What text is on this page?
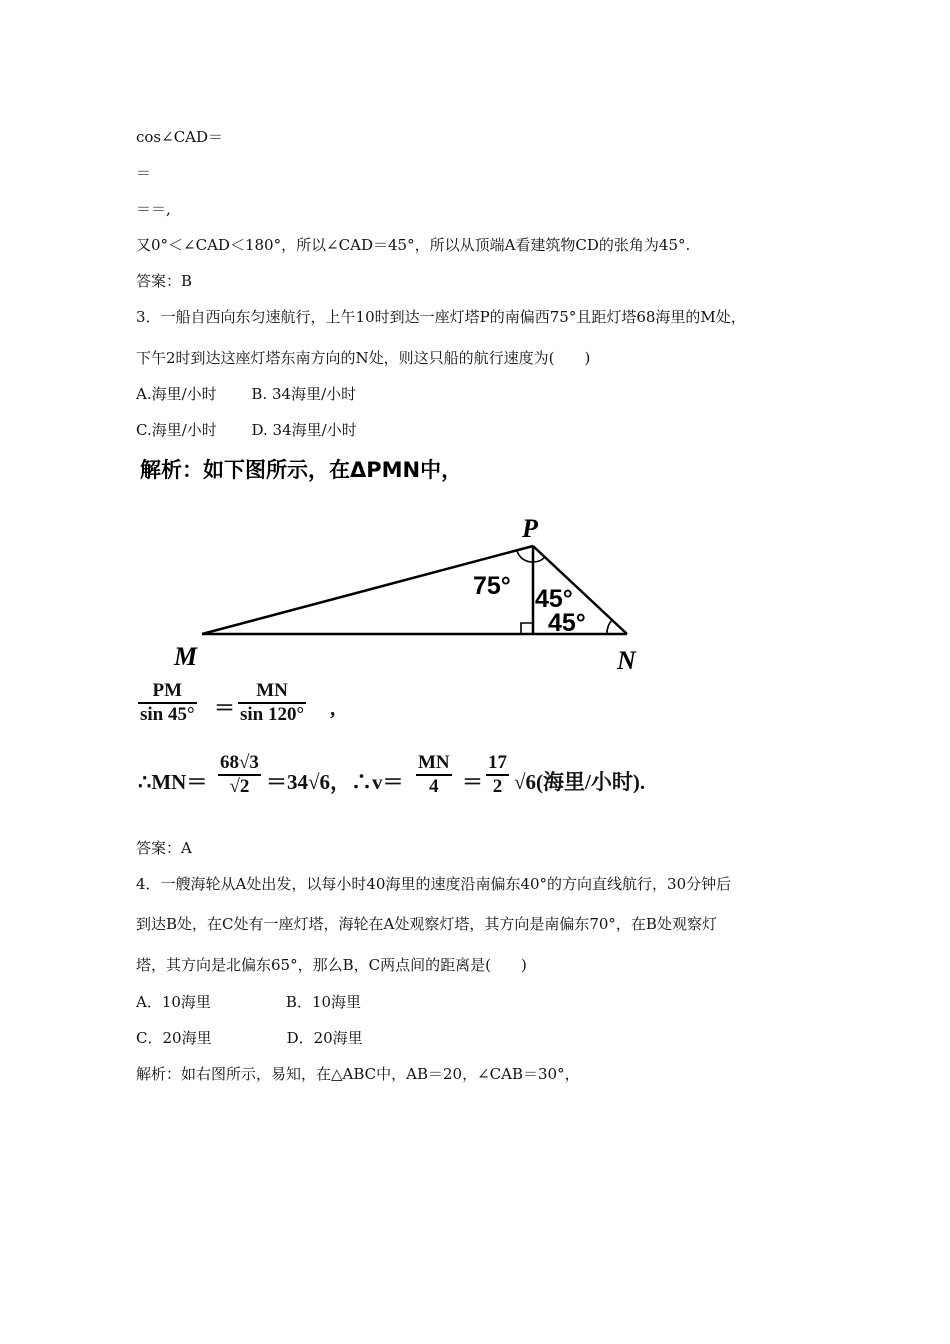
cos∠CAD＝
＝
＝＝,
又0°＜∠CAD＜180°，所以∠CAD＝45°，所以从顶端A看建筑物CD的张角为45°.
答案：B
3．一船自西向东匀速航行，上午10时到达一座灯塔P的南偏西75°且距灯塔68海里的M处，
下午2时到达这座灯塔东南方向的N处，则这只船的航行速度为(　　)
A.海里/小时　　 B. 34海里/小时
C.海里/小时　　 D. 34海里/小时
解析：如下图所示，在ΔPMN中，
P
M	N
75° 45°
45°
PM
sin 45° ＝
MN
sin 120° ,
∴MN＝
68√3
√2 ＝34√6，∴v＝
MN
4	＝
17
2 √6(海里/小时).
答案：A
4．一艘海轮从A处出发，以每小时40海里的速度沿南偏东40°的方向直线航行，30分钟后
到达B处，在C处有一座灯塔，海轮在A处观察灯塔，其方向是南偏东70°，在B处观察灯
塔，其方向是北偏东65°，那么B，C两点间的距离是(　　)
A．10海里　　　　　B．10海里
C．20海里　　　　　D．20海里
解析：如右图所示，易知，在△ABC中，AB＝20，∠CAB＝30°，
